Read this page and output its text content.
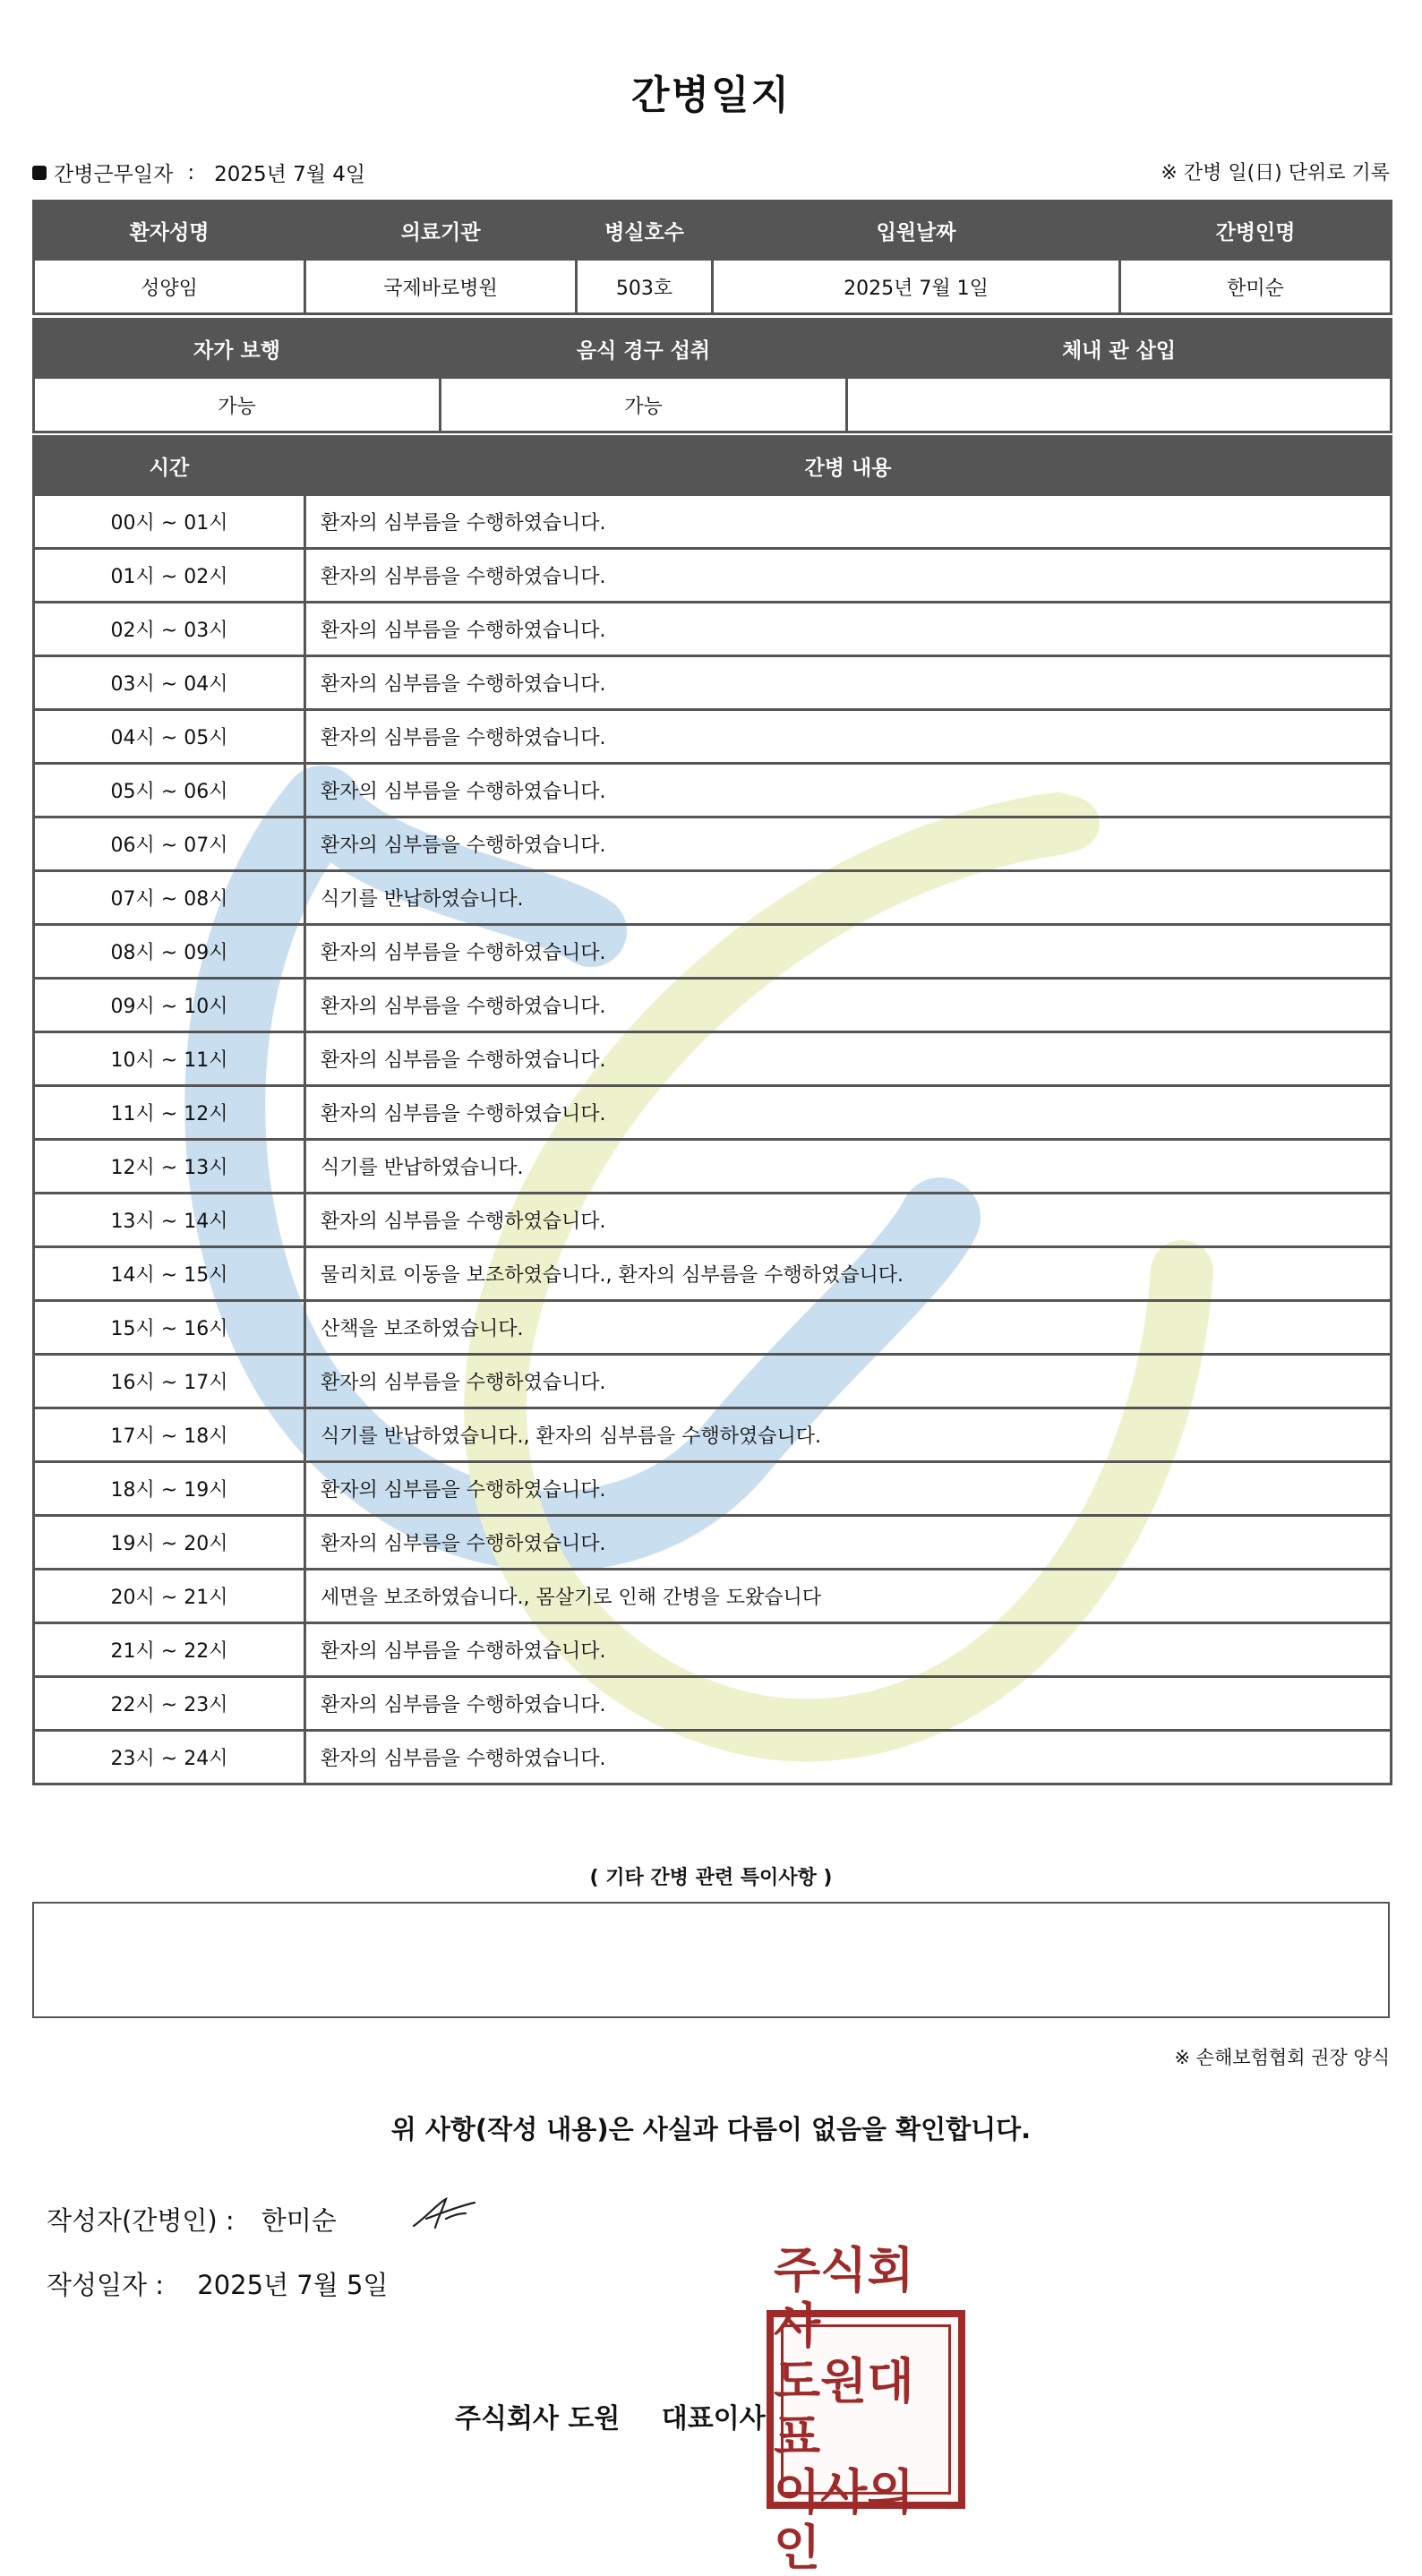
간병일지
간병근무일자 : 2025년 7월 4일	※ 간병 일(日) 단위로 기록
환자성명	의료기관	병실호수	입원날짜	간병인명
성양임	국제바로병원	503호	2025년 7월 1일	한미순
자가 보행	음식 경구 섭취	체내 관 삽입
가능	가능	
시간	간병 내용
00시 ~ 01시	환자의 심부름을 수행하였습니다.
01시 ~ 02시	환자의 심부름을 수행하였습니다.
02시 ~ 03시	환자의 심부름을 수행하였습니다.
03시 ~ 04시	환자의 심부름을 수행하였습니다.
04시 ~ 05시	환자의 심부름을 수행하였습니다.
05시 ~ 06시	환자의 심부름을 수행하였습니다.
06시 ~ 07시	환자의 심부름을 수행하였습니다.
07시 ~ 08시	식기를 반납하였습니다.
08시 ~ 09시	환자의 심부름을 수행하였습니다.
09시 ~ 10시	환자의 심부름을 수행하였습니다.
10시 ~ 11시	환자의 심부름을 수행하였습니다.
11시 ~ 12시	환자의 심부름을 수행하였습니다.
12시 ~ 13시	식기를 반납하였습니다.
13시 ~ 14시	환자의 심부름을 수행하였습니다.
14시 ~ 15시	물리치료 이동을 보조하였습니다., 환자의 심부름을 수행하였습니다.
15시 ~ 16시	산책을 보조하였습니다.
16시 ~ 17시	환자의 심부름을 수행하였습니다.
17시 ~ 18시	식기를 반납하였습니다., 환자의 심부름을 수행하였습니다.
18시 ~ 19시	환자의 심부름을 수행하였습니다.
19시 ~ 20시	환자의 심부름을 수행하였습니다.
20시 ~ 21시	세면을 보조하였습니다., 몸살기로 인해 간병을 도왔습니다
21시 ~ 22시	환자의 심부름을 수행하였습니다.
22시 ~ 23시	환자의 심부름을 수행하였습니다.
23시 ~ 24시	환자의 심부름을 수행하였습니다.
( 기타 간병 관련 특이사항 )
※ 손해보험협회 권장 양식
위 사항(작성 내용)은 사실과 다름이 없음을 확인합니다.
작성자(간병인) : 한미순
작성일자 : 2025년 7월 5일
주식회사 도원 대표이사
주식회사
도원대표
이사의인
